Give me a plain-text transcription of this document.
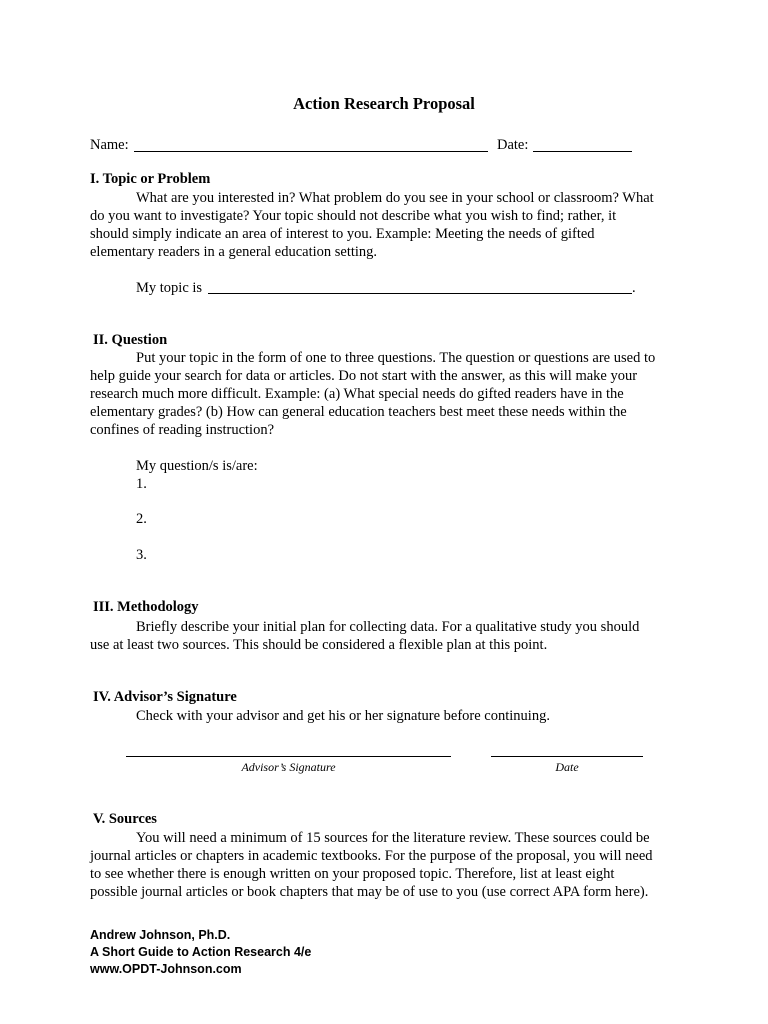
Action Research Proposal
Name:	Date:
I. Topic or Problem
What are you interested in? What problem do you see in your school or classroom? What
do you want to investigate? Your topic should not describe what you wish to find; rather, it
should simply indicate an area of interest to you. Example: Meeting the needs of gifted
elementary readers in a general education setting.
My topic is	.
II. Question
Put your topic in the form of one to three questions. The question or questions are used to
help guide your search for data or articles. Do not start with the answer, as this will make your
research much more difficult. Example: (a) What special needs do gifted readers have in the
elementary grades? (b) How can general education teachers best meet these needs within the
confines of reading instruction?
My question/s is/are:
1.
2.
3.
III. Methodology
Briefly describe your initial plan for collecting data. For a qualitative study you should
use at least two sources. This should be considered a flexible plan at this point.
IV. Advisor’s Signature
Check with your advisor and get his or her signature before continuing.
Advisor’s Signature	Date
V. Sources
You will need a minimum of 15 sources for the literature review. These sources could be
journal articles or chapters in academic textbooks. For the purpose of the proposal, you will need
to see whether there is enough written on your proposed topic. Therefore, list at least eight
possible journal articles or book chapters that may be of use to you (use correct APA form here).
Andrew Johnson, Ph.D.
A Short Guide to Action Research 4/e
www.OPDT-Johnson.com
